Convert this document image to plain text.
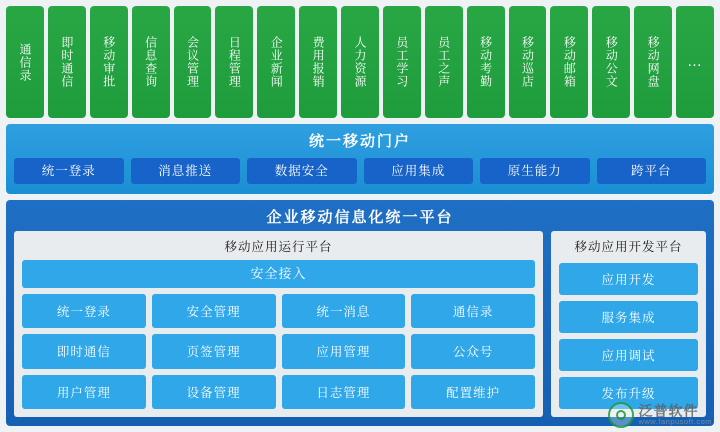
通信录 即时通信 移动审批 信息查询 会议管理 日程管理 企业新闻 费用报销 人力资源 员工学习 员工之声 移动考勤 移动巡店 移动邮箱 移动公文 移动网盘 …
统一移动门户
统一登录	消息推送	数据安全	应用集成	原生能力	跨平台
企业移动信息化统一平台
移动应用运行平台
安全接入
统一登录	安全管理	统一消息	通信录
即时通信	页签管理	应用管理	公众号
用户管理	设备管理	日志管理	配置维护
移动应用开发平台
应用开发
服务集成
应用调试
发布升级
泛普软件
www.fanpusoft.com
